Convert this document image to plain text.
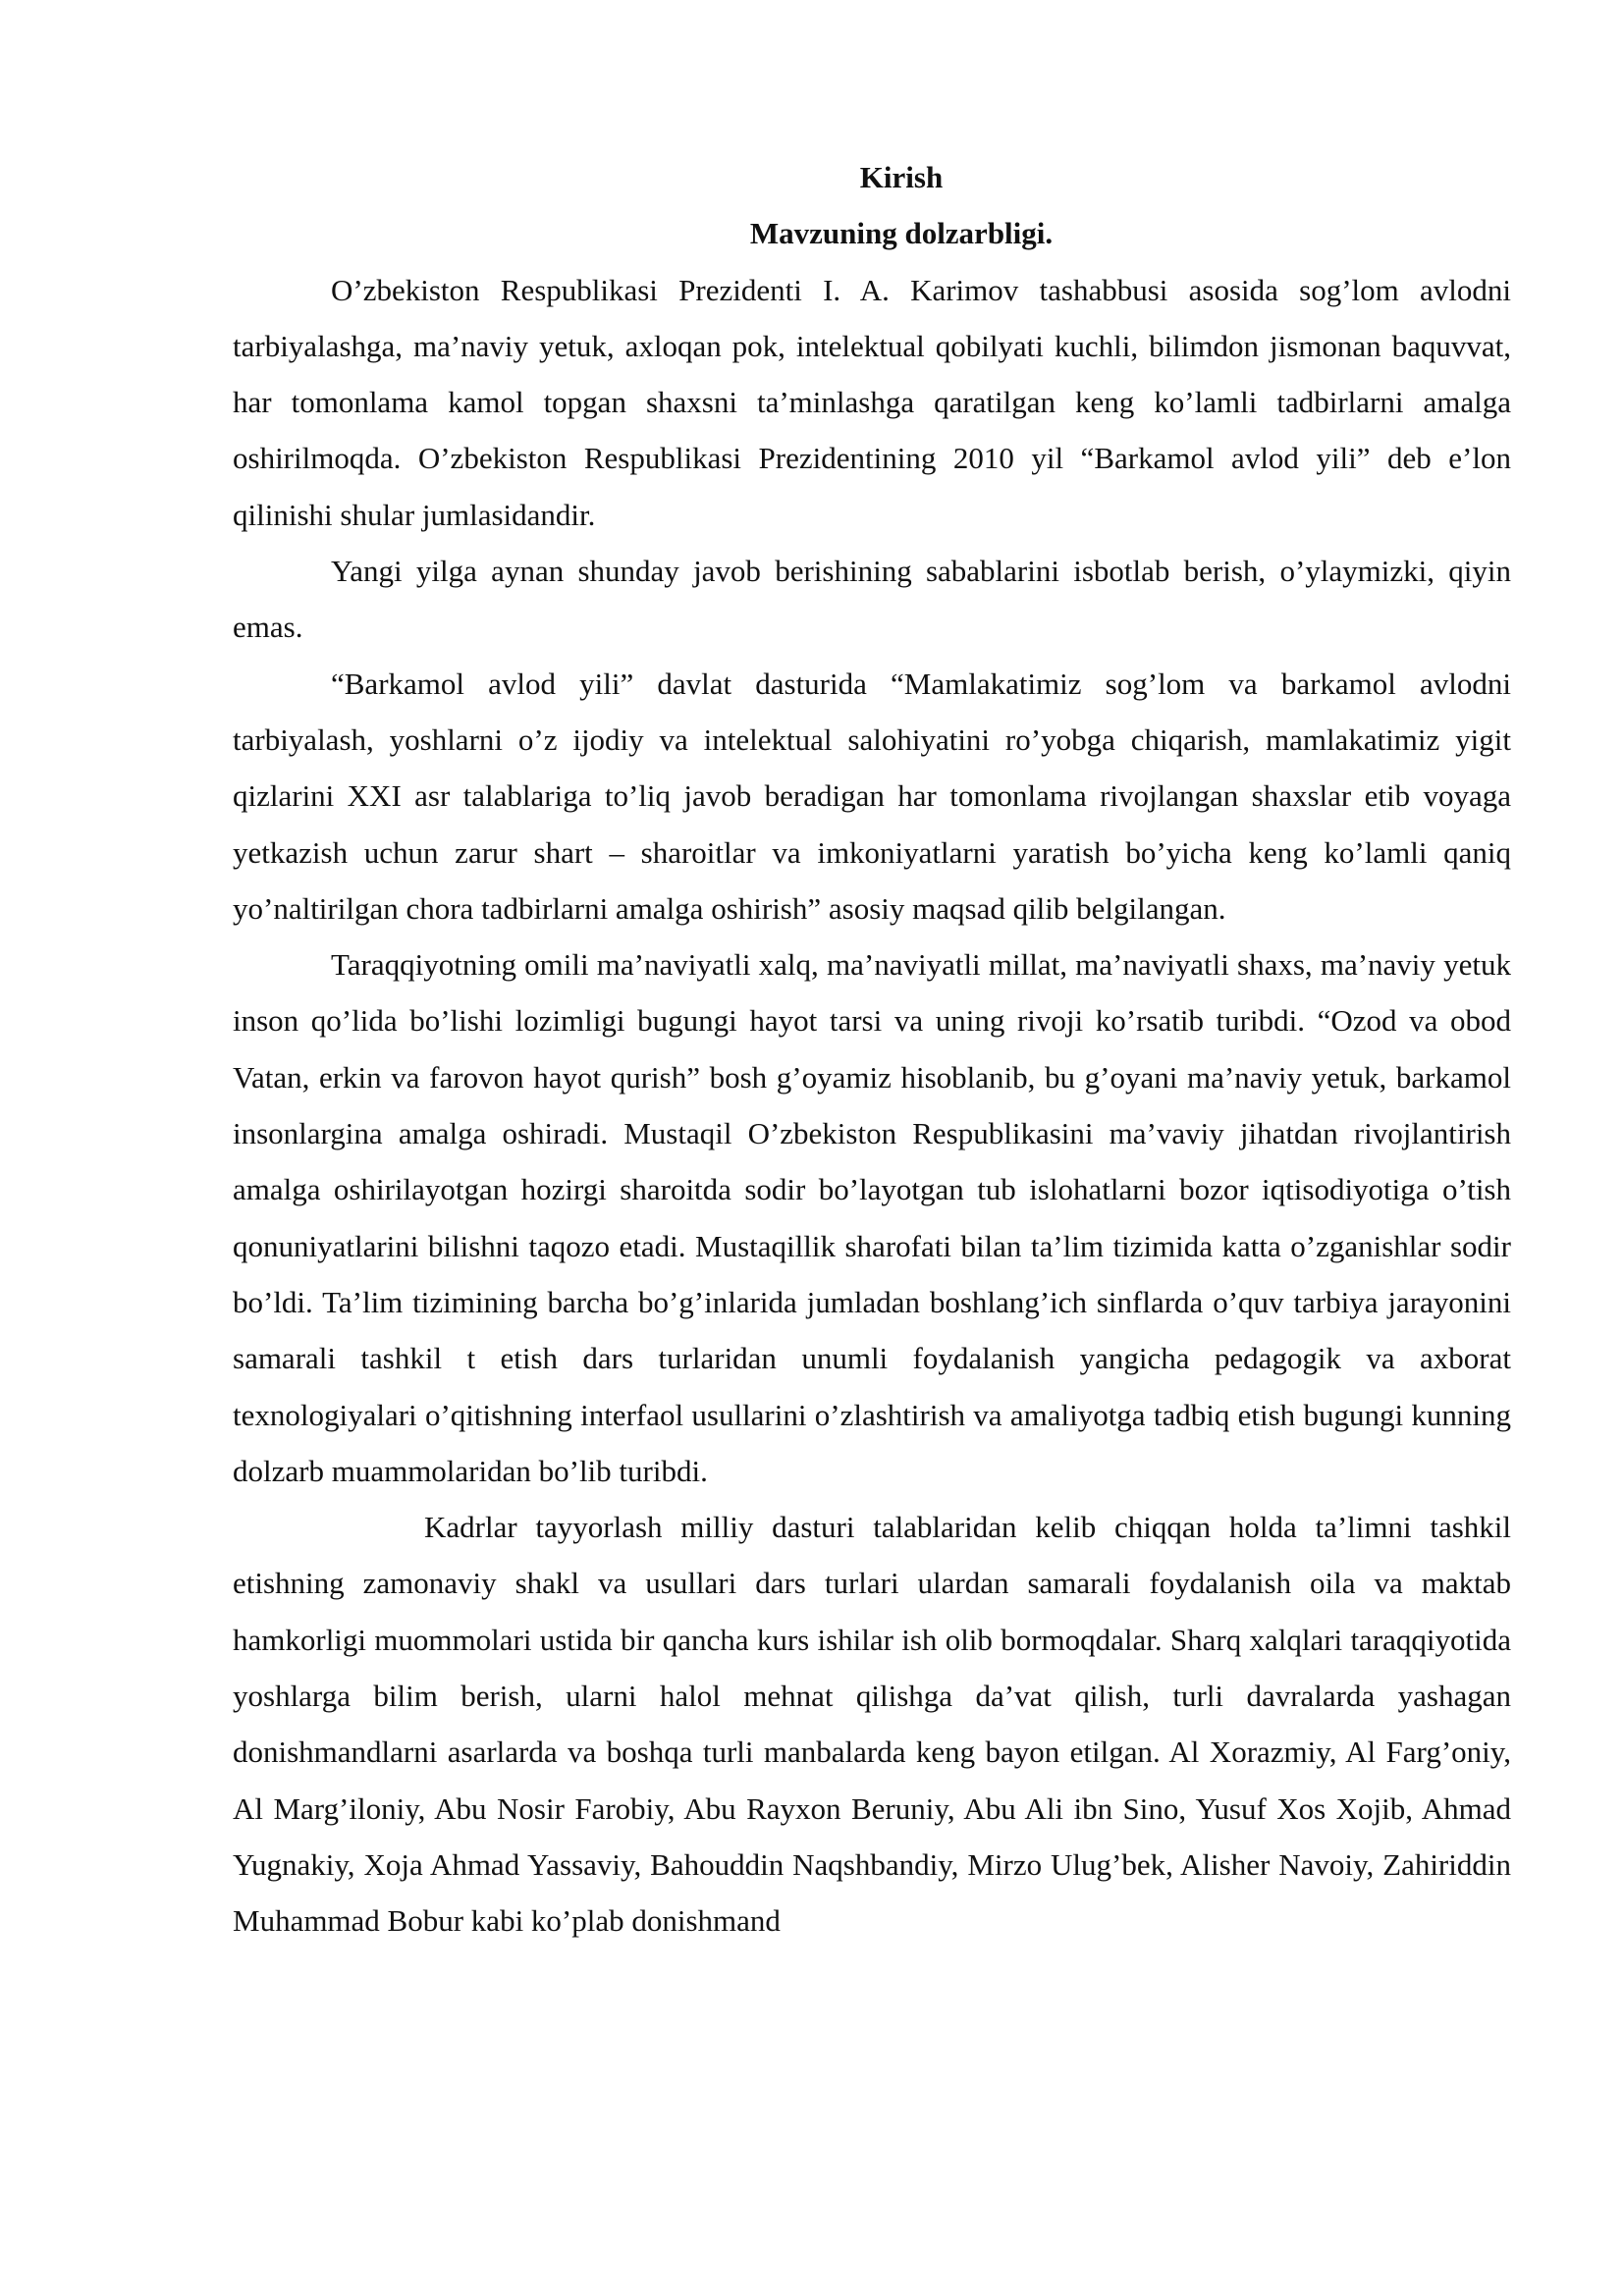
Kirish

Mavzuning dolzarbligi.

O’zbekiston Respublikasi Prezidenti I. A. Karimov tashabbusi asosida sog’lom avlodni tarbiyalashga, ma’naviy yetuk, axloqan pok, intelektual qobilyati kuchli, bilimdon jismonan baquvvat, har tomonlama kamol topgan shaxsni ta’minlashga qaratilgan keng ko’lamli tadbirlarni amalga oshirilmoqda. O’zbekiston Respublikasi Prezidentining 2010 yil “Barkamol avlod yili” deb e’lon qilinishi shular jumlasidandir.

Yangi yilga aynan shunday javob berishining sabablarini isbotlab berish, o’ylaymizki, qiyin emas.

“Barkamol avlod yili” davlat dasturida “Mamlakatimiz sog’lom va barkamol avlodni tarbiyalash, yoshlarni o’z ijodiy va intelektual salohiyatini ro’yobga chiqarish, mamlakatimiz yigit qizlarini XXI asr talablariga to’liq javob beradigan har tomonlama rivojlangan shaxslar etib voyaga yetkazish uchun zarur shart – sharoitlar va imkoniyatlarni yaratish bo’yicha keng ko’lamli qaniq yo’naltirilgan chora tadbirlarni amalga oshirish” asosiy maqsad qilib belgilangan.

Taraqqiyotning omili ma’naviyatli xalq, ma’naviyatli millat, ma’naviyatli shaxs, ma’naviy yetuk inson qo’lida bo’lishi lozimligi bugungi hayot tarsi va uning rivoji ko’rsatib turibdi. “Ozod va obod Vatan, erkin va farovon hayot qurish” bosh g’oyamiz hisoblanib, bu g’oyani ma’naviy yetuk, barkamol insonlargina amalga oshiradi. Mustaqil O’zbekiston Respublikasini ma’vaviy jihatdan rivojlantirish amalga oshirilayotgan hozirgi sharoitda sodir bo’layotgan tub islohatlarni bozor iqtisodiyotiga o’tish qonuniyatlarini bilishni taqozo etadi. Mustaqillik sharofati bilan ta’lim tizimida katta o’zganishlar sodir bo’ldi. Ta’lim tizimining barcha bo’g’inlarida jumladan boshlang’ich sinflarda o’quv tarbiya jarayonini samarali tashkil t etish dars turlaridan unumli foydalanish yangicha pedagogik va axborat texnologiyalari o’qitishning interfaol usullarini o’zlashtirish va amaliyotga tadbiq etish bugungi kunning dolzarb muammolaridan bo’lib turibdi.

Kadrlar tayyorlash milliy dasturi talablaridan kelib chiqqan holda ta’limni tashkil etishning zamonaviy shakl va usullari dars turlari ulardan samarali foydalanish oila va maktab hamkorligi muommolari ustida bir qancha kurs ishilar ish olib bormoqdalar. Sharq xalqlari taraqqiyotida yoshlarga bilim berish, ularni halol mehnat qilishga da’vat qilish, turli davralarda yashagan donishmandlarni asarlarda va boshqa turli manbalarda keng bayon etilgan. Al Xorazmiy, Al Farg’oniy, Al Marg’iloniy, Abu Nosir Farobiy, Abu Rayxon Beruniy, Abu Ali ibn Sino, Yusuf Xos Xojib, Ahmad Yugnakiy, Xoja Ahmad Yassaviy, Bahouddin Naqshbandiy, Mirzo Ulug’bek, Alisher Navoiy, Zahiriddin Muhammad Bobur kabi ko’plab donishmand
